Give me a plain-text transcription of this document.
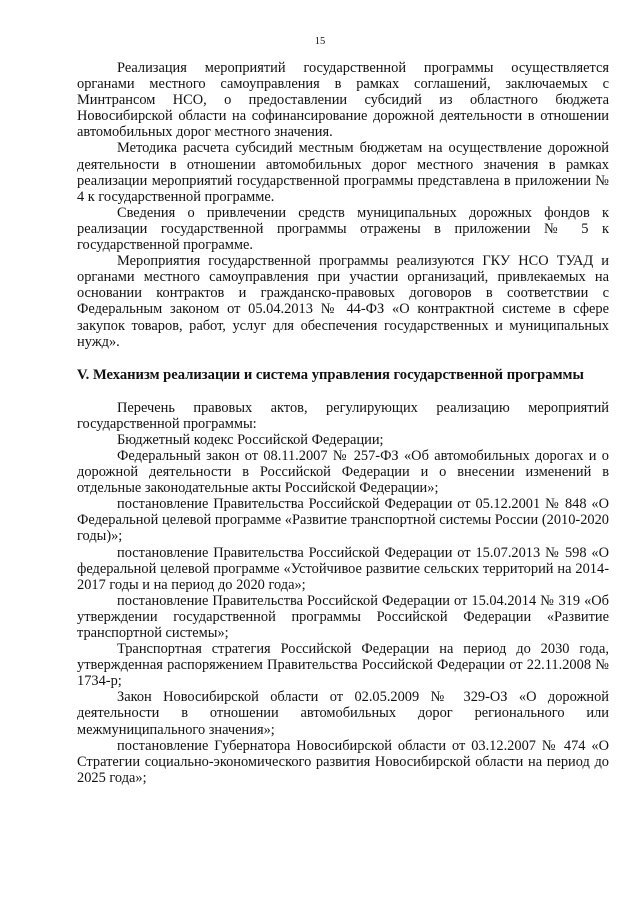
15

Реализация мероприятий государственной программы осуществляется органами местного самоуправления в рамках соглашений, заключаемых с Минтрансом НСО, о предоставлении субсидий из областного бюджета Новосибирской области на софинансирование дорожной деятельности в отношении автомобильных дорог местного значения.

Методика расчета субсидий местным бюджетам на осуществление дорожной деятельности в отношении автомобильных дорог местного значения в рамках реализации мероприятий государственной программы представлена в приложении № 4 к государственной программе.

Сведения о привлечении средств муниципальных дорожных фондов к реализации государственной программы отражены в приложении № 5 к государственной программе.

Мероприятия государственной программы реализуются ГКУ НСО ТУАД и органами местного самоуправления при участии организаций, привлекаемых на основании контрактов и гражданско-правовых договоров в соответствии с Федеральным законом от 05.04.2013 № 44-ФЗ «О контрактной системе в сфере закупок товаров, работ, услуг для обеспечения государственных и муниципальных нужд».

V. Механизм реализации и система управления государственной программы

Перечень правовых актов, регулирующих реализацию мероприятий государственной программы:

Бюджетный кодекс Российской Федерации;

Федеральный закон от 08.11.2007 № 257-ФЗ «Об автомобильных дорогах и о дорожной деятельности в Российской Федерации и о внесении изменений в отдельные законодательные акты Российской Федерации»;

постановление Правительства Российской Федерации от 05.12.2001 № 848 «О Федеральной целевой программе «Развитие транспортной системы России (2010-2020 годы)»;

постановление Правительства Российской Федерации от 15.07.2013 № 598 «О федеральной целевой программе «Устойчивое развитие сельских территорий на 2014-2017 годы и на период до 2020 года»;

постановление Правительства Российской Федерации от 15.04.2014 № 319 «Об утверждении государственной программы Российской Федерации «Развитие транспортной системы»;

Транспортная стратегия Российской Федерации на период до 2030 года, утвержденная распоряжением Правительства Российской Федерации от 22.11.2008 № 1734-р;

Закон Новосибирской области от 02.05.2009 № 329-ОЗ «О дорожной деятельности в отношении автомобильных дорог регионального или межмуниципального значения»;

постановление Губернатора Новосибирской области от 03.12.2007 № 474 «О Стратегии социально-экономического развития Новосибирской области на период до 2025 года»;
